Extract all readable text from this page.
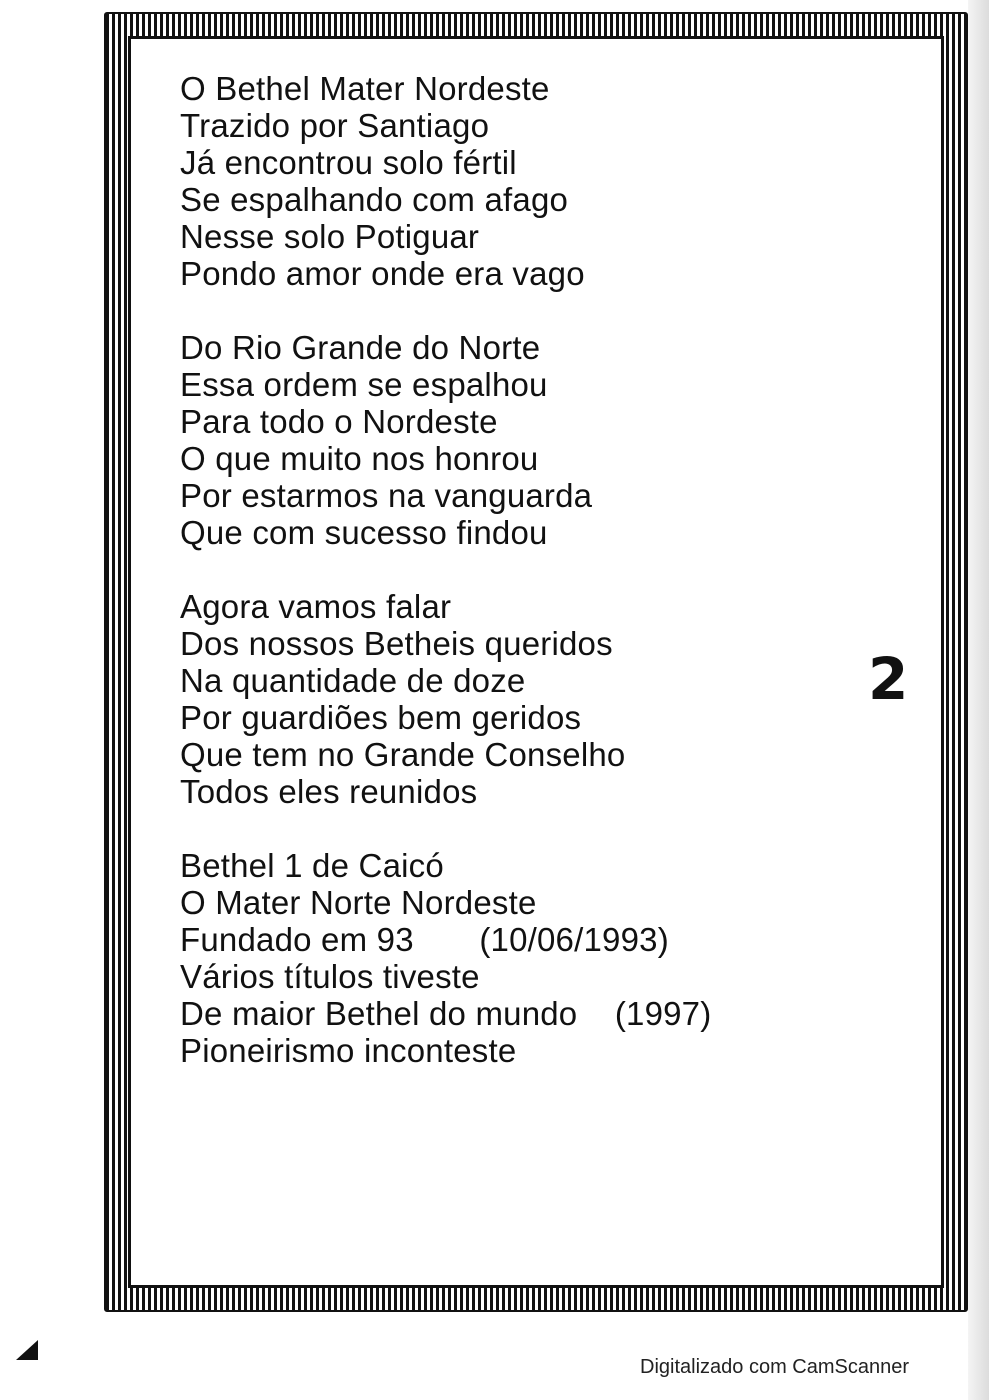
O Bethel Mater Nordeste
Trazido por Santiago
Já encontrou solo fértil
Se espalhando com afago
Nesse solo Potiguar
Pondo amor onde era vago
Do Rio Grande do Norte
Essa ordem se espalhou
Para todo o Nordeste
O que muito nos honrou
Por estarmos na vanguarda
Que com sucesso findou
Agora vamos falar
Dos nossos Betheis queridos
Na quantidade de doze
Por guardiões bem geridos
Que tem no Grande Conselho
Todos eles reunidos
Bethel 1 de Caicó
O Mater Norte Nordeste
Fundado em 93       (10/06/1993)
Vários títulos tiveste
De maior Bethel do mundo    (1997)
Pioneirismo inconteste
2
Digitalizado com CamScanner
